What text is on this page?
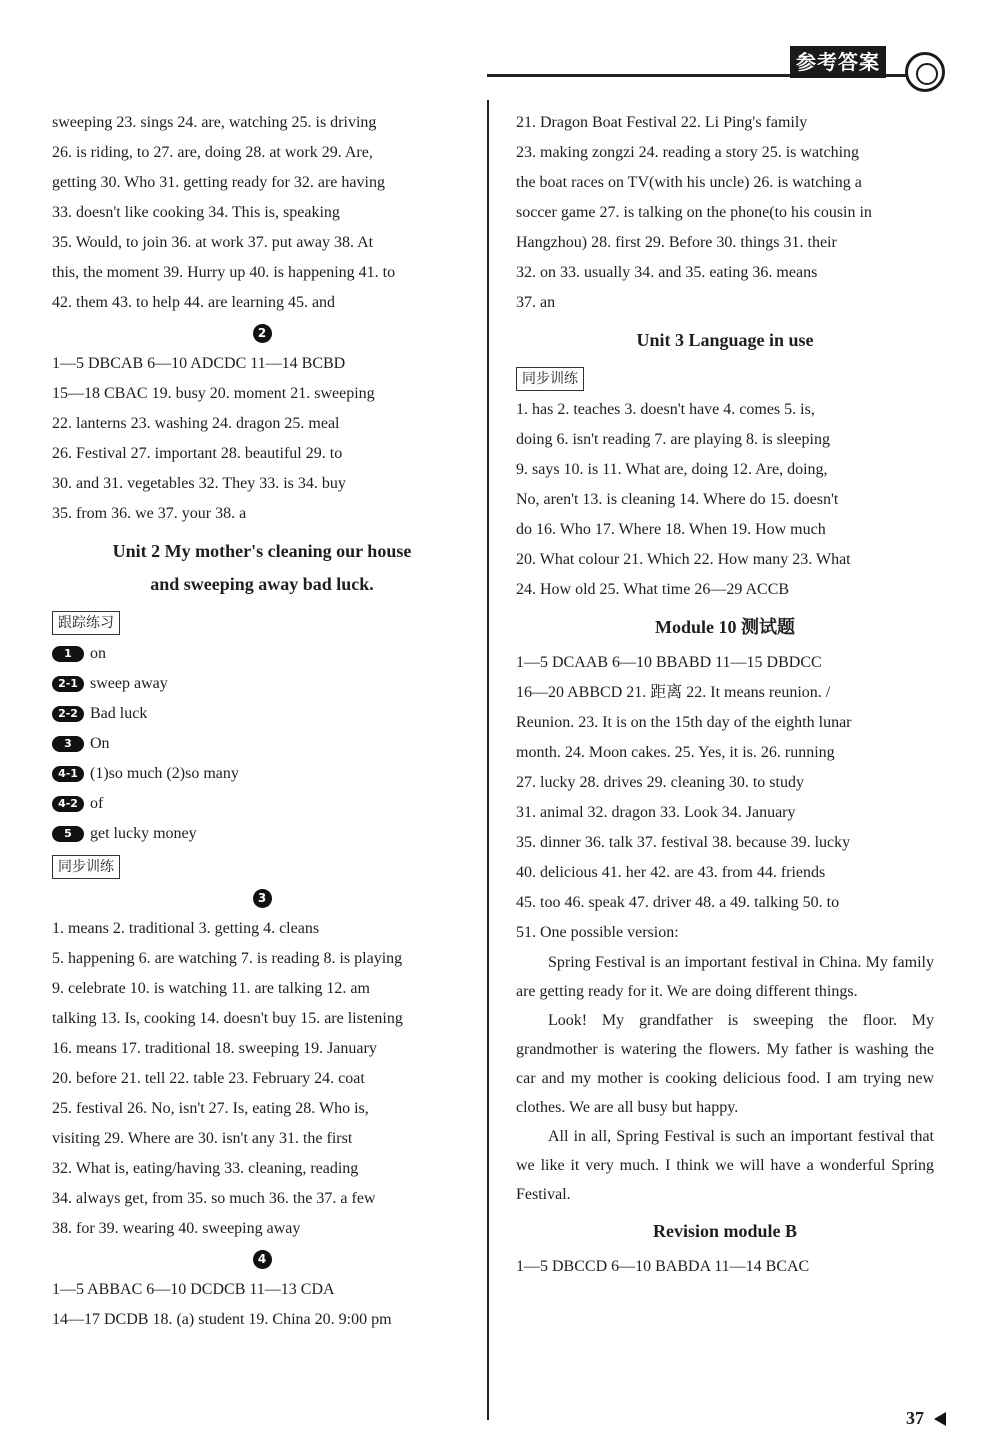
参考答案
sweeping 23. sings 24. are, watching 25. is driving
26. is riding, to 27. are, doing 28. at work 29. Are,
getting 30. Who 31. getting ready for 32. are having
33. doesn't like cooking 34. This is, speaking
35. Would, to join 36. at work 37. put away 38. At
this, the moment 39. Hurry up 40. is happening 41. to
42. them 43. to help 44. are learning 45. and
2
1—5 DBCAB 6—10 ADCDC 11—14 BCBD
15—18 CBAC 19. busy 20. moment 21. sweeping
22. lanterns 23. washing 24. dragon 25. meal
26. Festival 27. important 28. beautiful 29. to
30. and 31. vegetables 32. They 33. is 34. buy
35. from 36. we 37. your 38. a
Unit 2 My mother's cleaning our house
and sweeping away bad luck.
跟踪练习
1 on
2-1 sweep away
2-2 Bad luck
3 On
4-1 (1)so much (2)so many
4-2 of
5 get lucky money
同步训练
3
1. means 2. traditional 3. getting 4. cleans
5. happening 6. are watching 7. is reading 8. is playing
9. celebrate 10. is watching 11. are talking 12. am
talking 13. Is, cooking 14. doesn't buy 15. are listening
16. means 17. traditional 18. sweeping 19. January
20. before 21. tell 22. table 23. February 24. coat
25. festival 26. No, isn't 27. Is, eating 28. Who is,
visiting 29. Where are 30. isn't any 31. the first
32. What is, eating/having 33. cleaning, reading
34. always get, from 35. so much 36. the 37. a few
38. for 39. wearing 40. sweeping away
4
1—5 ABBAC 6—10 DCDCB 11—13 CDA
14—17 DCDB 18. (a) student 19. China 20. 9:00 pm
21. Dragon Boat Festival 22. Li Ping's family
23. making zongzi 24. reading a story 25. is watching
the boat races on TV(with his uncle) 26. is watching a
soccer game 27. is talking on the phone(to his cousin in
Hangzhou) 28. first 29. Before 30. things 31. their
32. on 33. usually 34. and 35. eating 36. means
37. an
Unit 3 Language in use
同步训练
1. has 2. teaches 3. doesn't have 4. comes 5. is,
doing 6. isn't reading 7. are playing 8. is sleeping
9. says 10. is 11. What are, doing 12. Are, doing,
No, aren't 13. is cleaning 14. Where do 15. doesn't
do 16. Who 17. Where 18. When 19. How much
20. What colour 21. Which 22. How many 23. What
24. How old 25. What time 26—29 ACCB
Module 10 测试题
1—5 DCAAB 6—10 BBABD 11—15 DBDCC
16—20 ABBCD 21. 距离 22. It means reunion. /
Reunion. 23. It is on the 15th day of the eighth lunar
month. 24. Moon cakes. 25. Yes, it is. 26. running
27. lucky 28. drives 29. cleaning 30. to study
31. animal 32. dragon 33. Look 34. January
35. dinner 36. talk 37. festival 38. because 39. lucky
40. delicious 41. her 42. are 43. from 44. friends
45. too 46. speak 47. driver 48. a 49. talking 50. to
51. One possible version:

Spring Festival is an important festival in China. My family are getting ready for it. We are doing different things.

Look! My grandfather is sweeping the floor. My grandmother is watering the flowers. My father is washing the car and my mother is cooking delicious food. I am trying new clothes. We are all busy but happy.

All in all, Spring Festival is such an important festival that we like it very much. I think we will have a wonderful Spring Festival.

Revision module B
1—5 DBCCD 6—10 BABDA 11—14 BCAC
37
